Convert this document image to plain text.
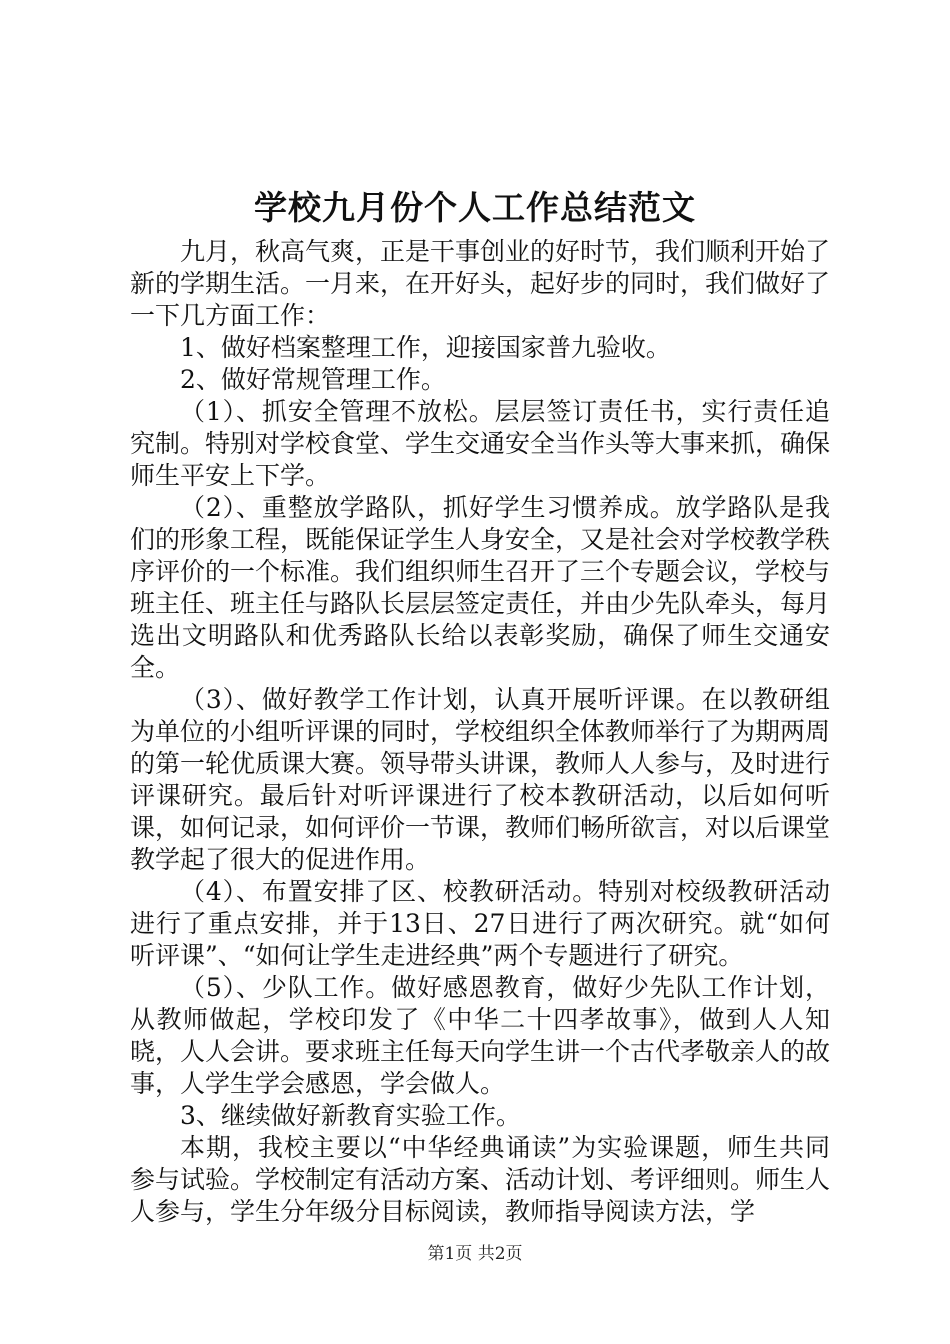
学校九月份个人工作总结范文

九月，秋高气爽，正是干事创业的好时节，我们顺利开始了新的学期生活。一月来，在开好头，起好步的同时，我们做好了一下几方面工作：

1、做好档案整理工作，迎接国家普九验收。

2、做好常规管理工作。

（1）、抓安全管理不放松。层层签订责任书，实行责任追究制。特别对学校食堂、学生交通安全当作头等大事来抓，确保师生平安上下学。

（2）、重整放学路队，抓好学生习惯养成。放学路队是我们的形象工程，既能保证学生人身安全，又是社会对学校教学秩序评价的一个标准。我们组织师生召开了三个专题会议，学校与班主任、班主任与路队长层层签定责任，并由少先队牵头，每月选出文明路队和优秀路队长给以表彰奖励，确保了师生交通安全。

（3）、做好教学工作计划，认真开展听评课。在以教研组为单位的小组听评课的同时，学校组织全体教师举行了为期两周的第一轮优质课大赛。领导带头讲课，教师人人参与，及时进行评课研究。最后针对听评课进行了校本教研活动，以后如何听课，如何记录，如何评价一节课，教师们畅所欲言，对以后课堂教学起了很大的促进作用。

（4）、布置安排了区、校教研活动。特别对校级教研活动进行了重点安排，并于13日、27日进行了两次研究。就“如何听评课”、“如何让学生走进经典”两个专题进行了研究。

（5）、少队工作。做好感恩教育，做好少先队工作计划，从教师做起，学校印发了《中华二十四孝故事》，做到人人知晓，人人会讲。要求班主任每天向学生讲一个古代孝敬亲人的故事，人学生学会感恩，学会做人。

3、继续做好新教育实验工作。

本期，我校主要以“中华经典诵读”为实验课题，师生共同参与试验。学校制定有活动方案、活动计划、考评细则。师生人人参与，学生分年级分目标阅读，教师指导阅读方法，学

第1页 共2页
